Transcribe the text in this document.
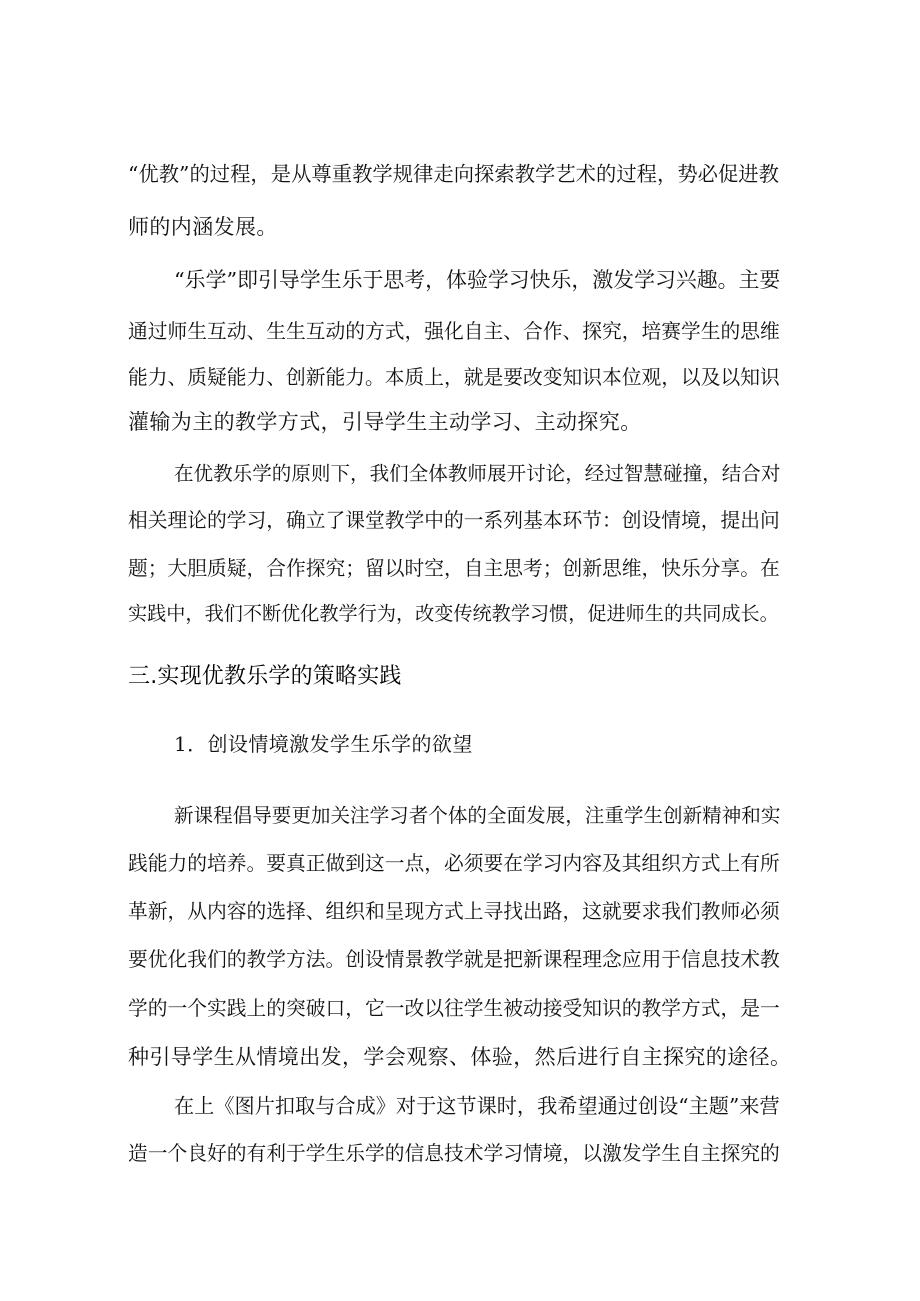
“优教”的过程，是从尊重教学规律走向探索教学艺术的过程，势必促进教
师的内涵发展。
“乐学”即引导学生乐于思考，体验学习快乐，激发学习兴趣。主要
通过师生互动、生生互动的方式，强化自主、合作、探究，培赛学生的思维
能力、质疑能力、创新能力。本质上，就是要改变知识本位观，以及以知识
灌输为主的教学方式，引导学生主动学习、主动探究。
在优教乐学的原则下，我们全体教师展开讨论，经过智慧碰撞，结合对
相关理论的学习，确立了课堂教学中的一系列基本环节：创设情境，提出问
题；大胆质疑，合作探究；留以时空，自主思考；创新思维，快乐分享。在
实践中，我们不断优化教学行为，改变传统教学习惯，促进师生的共同成长。
三.实现优教乐学的策略实践
1．创设情境激发学生乐学的欲望
新课程倡导要更加关注学习者个体的全面发展，注重学生创新精神和实
践能力的培养。要真正做到这一点，必须要在学习内容及其组织方式上有所
革新，从内容的选择、组织和呈现方式上寻找出路，这就要求我们教师必须
要优化我们的教学方法。创设情景教学就是把新课程理念应用于信息技术教
学的一个实践上的突破口，它一改以往学生被动接受知识的教学方式，是一
种引导学生从情境出发，学会观察、体验，然后进行自主探究的途径。
在上《图片扣取与合成》对于这节课时，我希望通过创设“主题”来营
造一个良好的有利于学生乐学的信息技术学习情境，以激发学生自主探究的
